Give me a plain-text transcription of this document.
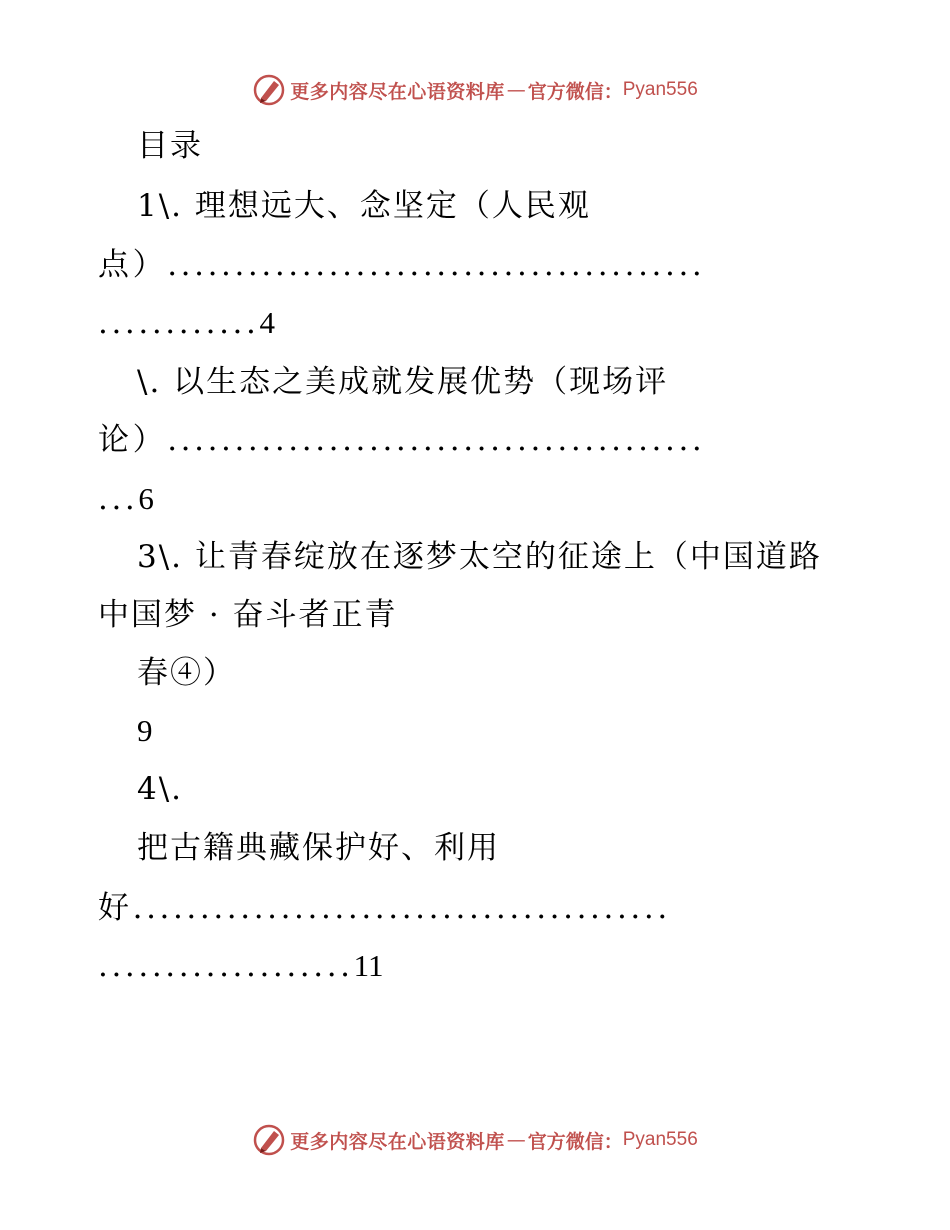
更多内容尽在心语资料库 — 官方微信： Pyan556
目录
1\. 理想远大、念坚定（人民观
点）........................................
............4
\. 以生态之美成就发展优势（现场评
论）........................................
...6
3\. 让青春绽放在逐梦太空的征途上（中国道路
中国梦 · 奋斗者正青
春④）
9
4\.
把古籍典藏保护好、利用
好........................................
...................11
更多内容尽在心语资料库 — 官方微信： Pyan556
